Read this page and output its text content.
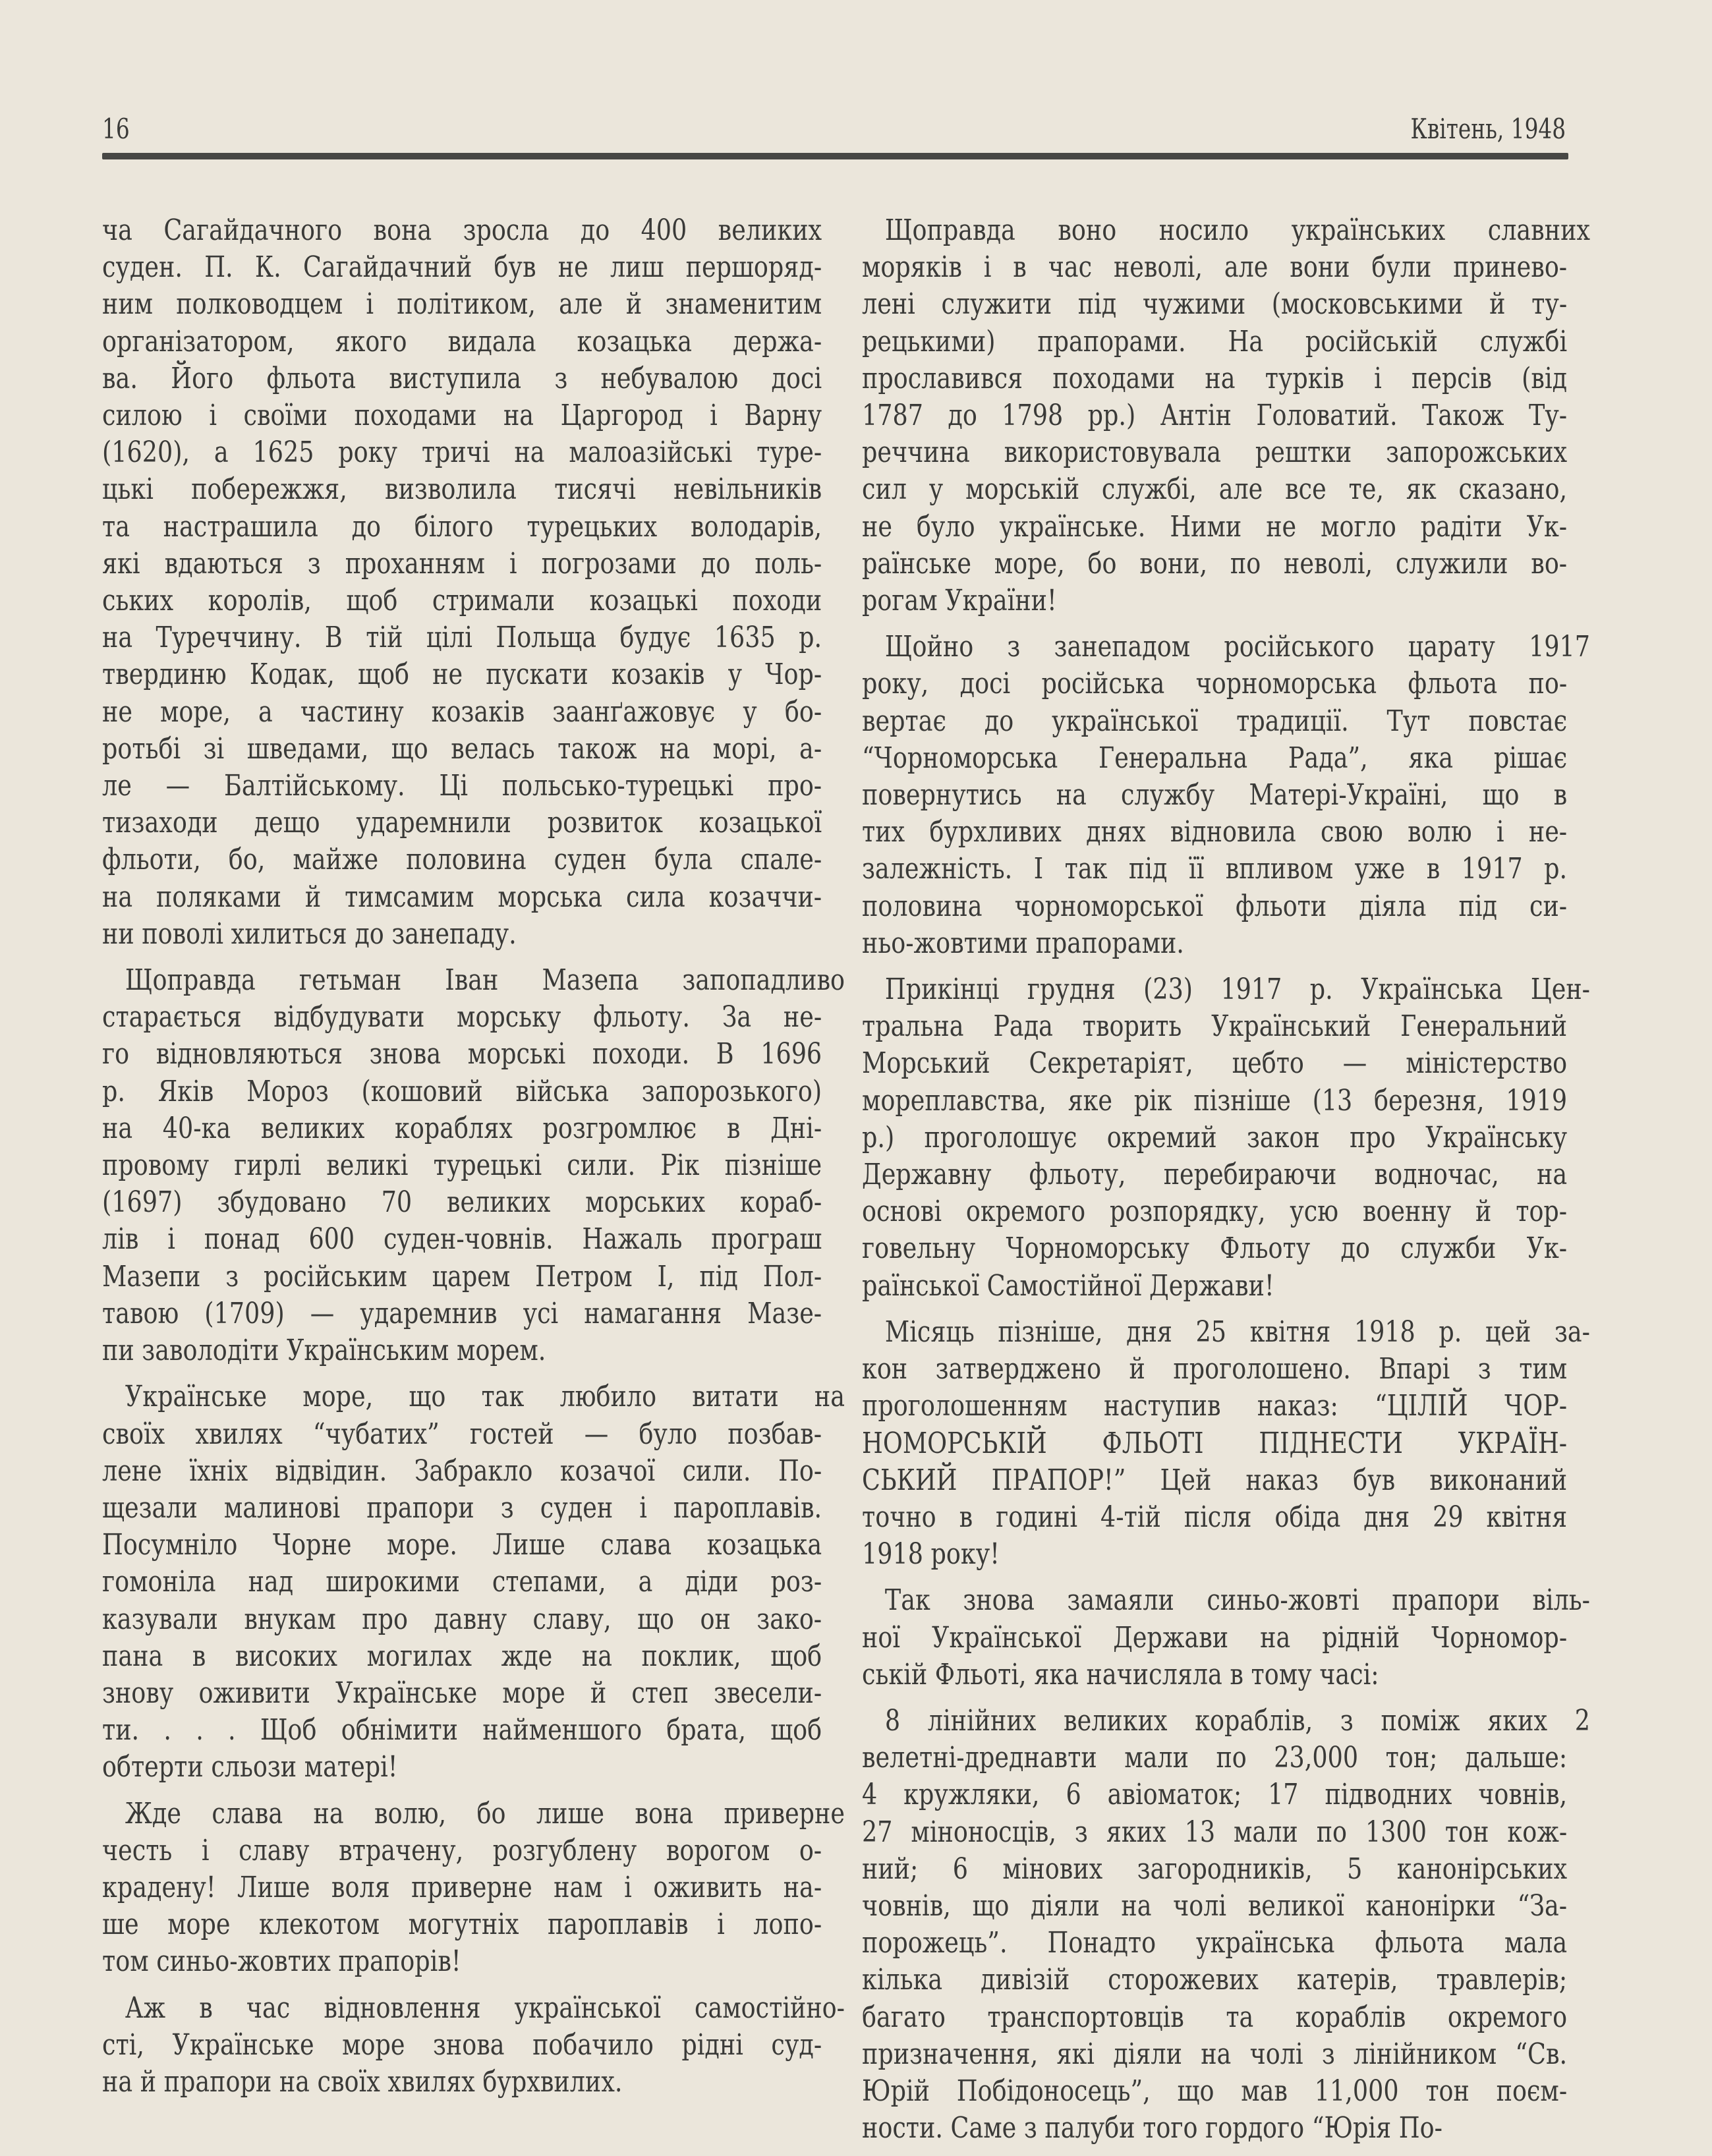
16	Квітень, 1948

ча Сагайдачного вона зросла до 400 великих
суден. П. К. Сагайдачний був не лиш першоряд-
ним полководцем і політиком, але й знаменитим
організатором, якого видала козацька держа-
ва. Його фльота виступила з небувалою досі
силою і своїми походами на Царгород і Варну
(1620), а 1625 року тричі на малоазійські туре-
цькі побережжя, визволила тисячі невільників
та настрашила до білого турецьких володарів,
які вдаються з проханням і погрозами до поль-
ських королів, щоб стримали козацькі походи
на Туреччину. В тій цілі Польща будує 1635 р.
твердиню Кодак, щоб не пускати козаків у Чор-
не море, а частину козаків заанґажовує у бо-
ротьбі зі шведами, що велась також на морі, а-
ле — Балтійському. Ці польсько-турецькі про-
тизаходи дещо ударемнили розвиток козацької
фльоти, бо, майже половина суден була спале-
на поляками й тимсамим морська сила козаччи-
ни поволі хилиться до занепаду.

Щоправда гетьман Іван Мазепа запопадливо
старається відбудувати морську фльоту. За не-
го відновляються знова морські походи. В 1696
р. Яків Мороз (кошовий війська запорозького)
на 40-ка великих кораблях розгромлює в Дні-
провому гирлі великі турецькі сили. Рік пізніше
(1697) збудовано 70 великих морських кораб-
лів і понад 600 суден-човнів. Нажаль програш
Мазепи з російським царем Петром І, під Пол-
тавою (1709) — ударемнив усі намагання Мазе-
пи заволодіти Українським морем.

Українське море, що так любило витати на
своїх хвилях “чубатих” гостей — було позбав-
лене їхніх відвідин. Забракло козачої сили. По-
щезали малинові прапори з суден і пароплавів.
Посумніло Чорне море. Лише слава козацька
гомоніла над широкими степами, а діди роз-
казували внукам про давну славу, що он зако-
пана в високих могилах жде на поклик, щоб
знову оживити Українське море й степ звесели-
ти. . . . Щоб обнімити найменшого брата, щоб
обтерти сльози матері!

Жде слава на волю, бо лише вона приверне
честь і славу втрачену, розгублену ворогом о-
крадену! Лише воля приверне нам і оживить на-
ше море клекотом могутніх пароплавів і лопо-
том синьо-жовтих прапорів!

Аж в час відновлення української самостійно-
сті, Українське море знова побачило рідні суд-
на й прапори на своїх хвилях бурхвилих.

Щоправда воно носило українських славних
моряків і в час неволі, але вони були принево-
лені служити під чужими (московськими й ту-
рецькими) прапорами. На російській службі
прославився походами на турків і персів (від
1787 до 1798 рр.) Антін Головатий. Також Ту-
реччина використовувала рештки запорожських
сил у морській службі, але все те, як сказано,
не було українське. Ними не могло радіти Ук-
раїнське море, бо вони, по неволі, служили во-
рогам України!

Щойно з занепадом російського царату 1917
року, досі російська чорноморська фльота по-
вертає до української традиції. Тут повстає
“Чорноморська Генеральна Рада”, яка рішає
повернутись на службу Матері-Україні, що в
тих бурхливих днях відновила свою волю і не-
залежність. І так під її впливом уже в 1917 р.
половина чорноморської фльоти діяла під си-
ньо-жовтими прапорами.

Прикінці грудня (23) 1917 р. Українська Цен-
тральна Рада творить Український Генеральний
Морський Секретаріят, цебто — міністерство
мореплавства, яке рік пізніше (13 березня, 1919
р.) проголошує окремий закон про Українську
Державну фльоту, перебираючи водночас, на
основі окремого розпорядку, усю военну й тор-
говельну Чорноморську Фльоту до служби Ук-
раїнської Самостійної Держави!

Місяць пізніше, дня 25 квітня 1918 р. цей за-
кон затверджено й проголошено. Впарі з тим
проголошенням наступив наказ: “ЦІЛІЙ ЧОР-
НОМОРСЬКІЙ ФЛЬОТІ ПІДНЕСТИ УКРАЇН-
СЬКИЙ ПРАПОР!” Цей наказ був виконаний
точно в годині 4-тій після обіда дня 29 квітня
1918 року!

Так знова замаяли синьо-жовті прапори віль-
ної Української Держави на рідній Чорномор-
ській Фльоті, яка начисляла в тому часі:

8 лінійних великих кораблів, з поміж яких 2
велетні-дреднавти мали по 23,000 тон; дальше:
4 кружляки, 6 авіоматок; 17 підводних човнів,
27 міноносців, з яких 13 мали по 1300 тон кож-
ний; 6 мінових загородників, 5 канонірських
човнів, що діяли на чолі великої канонірки “За-
порожець”. Понадто українська фльота мала
кілька дивізій сторожевих катерів, травлерів;
багато транспортовців та кораблів окремого
призначення, які діяли на чолі з лінійником “Св.
Юрій Побідоносець”, що мав 11,000 тон поєм-
ности. Саме з палуби того гордого “Юрія По-
